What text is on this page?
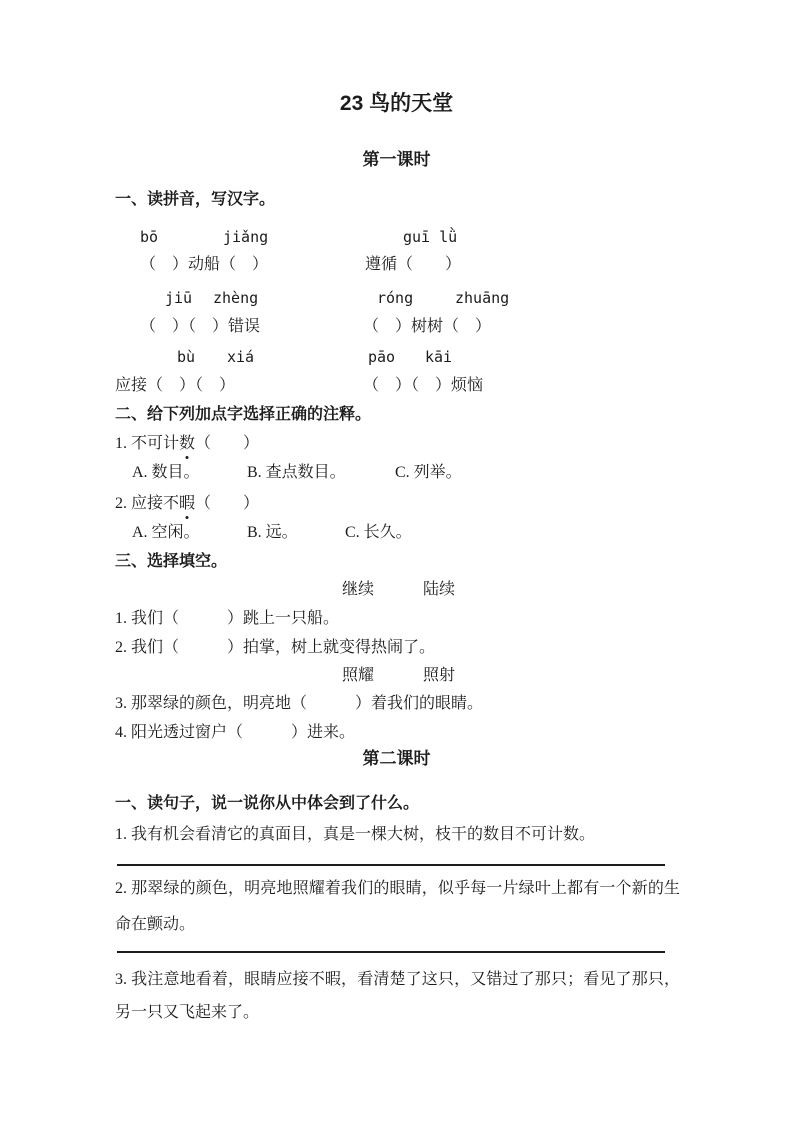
23 鸟的天堂
第一课时
一、读拼音，写汉字。
bō	jiǎng	guī lǜ
（　）动船（　）	遵循（　　）
jiū zhèng	róng	zhuāng
（　）（　）错误	（　）树树（　）
bù xiá	pāo kāi
应接（　）（　）	（　）（　）烦恼
二、给下列加点字选择正确的注释。
1. 不可计数（　　）
A. 数目。	B. 查点数目。	C. 列举。
2. 应接不暇（　　）
A. 空闲。	B. 远。	C. 长久。
三、选择填空。
继续	陆续
1. 我们（　　　）跳上一只船。
2. 我们（　　　）拍掌，树上就变得热闹了。
照耀	照射
3. 那翠绿的颜色，明亮地（　　　）着我们的眼睛。
4. 阳光透过窗户（　　　）进来。
第二课时
一、读句子，说一说你从中体会到了什么。
1. 我有机会看清它的真面目，真是一棵大树，枝干的数目不可计数。
2. 那翠绿的颜色，明亮地照耀着我们的眼睛，似乎每一片绿叶上都有一个新的生命在颤动。
3. 我注意地看着，眼睛应接不暇，看清楚了这只，又错过了那只；看见了那只，另一只又飞起来了。
